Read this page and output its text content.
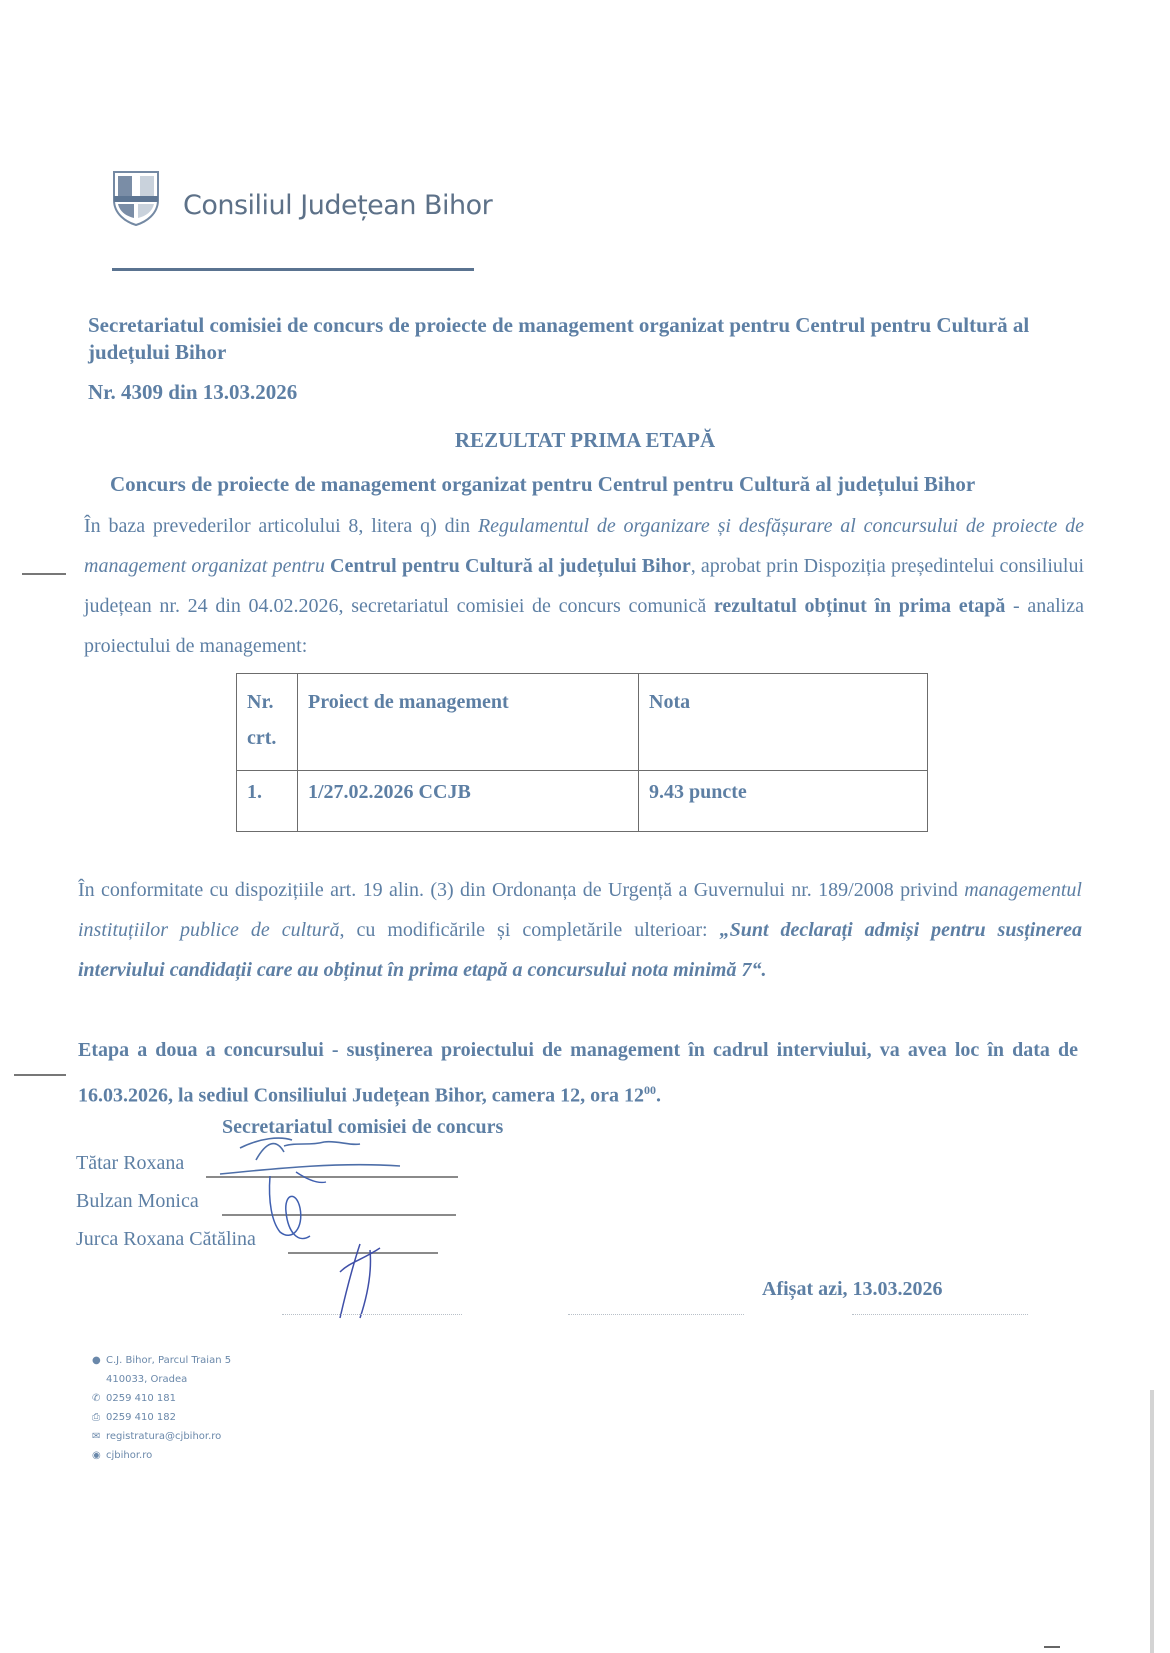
Consiliul Județean Bihor
Secretariatul comisiei de concurs de proiecte de management organizat pentru Centrul pentru Cultură al județului Bihor
Nr. 4309 din 13.03.2026
REZULTAT PRIMA ETAPĂ
Concurs de proiecte de management organizat pentru Centrul pentru Cultură al județului Bihor
În baza prevederilor articolului 8, litera q) din Regulamentul de organizare și desfășurare al concursului de proiecte de management organizat pentru Centrul pentru Cultură al județului Bihor, aprobat prin Dispoziția președintelui consiliului județean nr. 24 din 04.02.2026, secretariatul comisiei de concurs comunică rezultatul obținut în prima etapă - analiza proiectului de management:
Nr. crt.	Proiect de management	Nota
1.	1/27.02.2026 CCJB	9.43 puncte
În conformitate cu dispozițiile art. 19 alin. (3) din Ordonanța de Urgență a Guvernului nr. 189/2008 privind managementul instituțiilor publice de cultură, cu modificările și completările ulterioar: „Sunt declarați admiși pentru susținerea interviului candidații care au obținut în prima etapă a concursului nota minimă 7“.
Etapa a doua a concursului - susținerea proiectului de management în cadrul interviului, va avea loc în data de 16.03.2026, la sediul Consiliului Județean Bihor, camera 12, ora $12^{00}$.
Secretariatul comisiei de concurs
Tătar Roxana
Bulzan Monica
Jurca Roxana Cătălina
Afișat azi, 13.03.2026
● C.J. Bihor, Parcul Traian 5
410033, Oradea
✆ 0259 410 181
⎙ 0259 410 182
✉ registratura@cjbihor.ro
◉ cjbihor.ro
